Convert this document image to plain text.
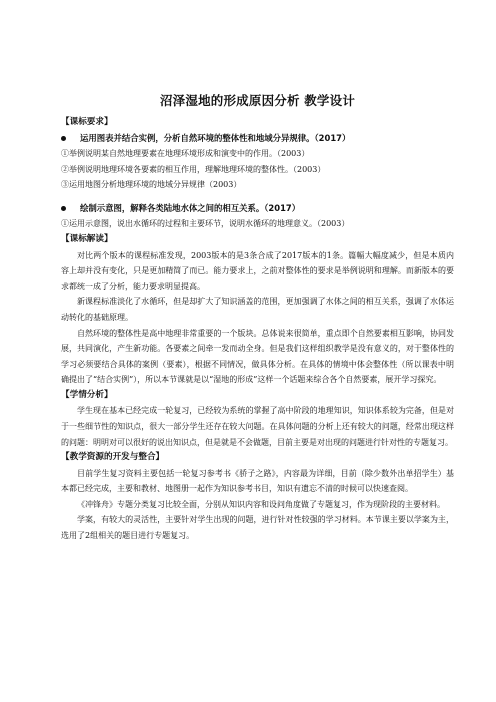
沼泽湿地的形成原因分析 教学设计
【课标要求】
运用图表并结合实例，分析自然环境的整体性和地域分异规律。（2017）
①举例说明某自然地理要素在地理环境形成和演变中的作用。（2003）
②举例说明地理环境各要素的相互作用，理解地理环境的整体性。（2003）
③运用地图分析地理环境的地域分异规律（2003）
绘制示意图，解释各类陆地水体之间的相互关系。（2017）
①运用示意图，说出水循环的过程和主要环节，说明水循环的地理意义。（2003）
【课标解读】

对比两个版本的课程标准发现，2003版本的是3条合成了2017版本的1条。篇幅大幅度减少，但是本质内容上却并没有变化，只是更加精简了而已。能力要求上，之前对整体性的要求是举例说明和理解。而新版本的要求都统一成了分析，能力要求明显提高。

新课程标准淡化了水循环，但是却扩大了知识涵盖的范围，更加强调了水体之间的相互关系，强调了水体运动转化的基础原理。

自然环境的整体性是高中地理非常重要的一个版块。总体说来很简单，重点即个自然要素相互影响，协同发展，共同演化，产生新功能。各要素之间牵一发而动全身。但是我们这样组织教学是没有意义的，对于整体性的学习必须要结合具体的案例（要素），根据不同情况，做具体分析。在具体的情境中体会整体性（所以课表中明确提出了“结合实例”），所以本节课就是以“湿地的形成”这样一个话题来综合各个自然要素，展开学习探究。

【学情分析】

学生现在基本已经完成一轮复习，已经较为系统的掌握了高中阶段的地理知识，知识体系较为完备，但是对于一些细节性的知识点，很大一部分学生还存在较大问题。在具体问题的分析上还有较大的问题，经常出现这样的问题：明明对可以很好的说出知识点，但是就是不会做题，目前主要是对出现的问题进行针对性的专题复习。

【教学资源的开发与整合】

目前学生复习资料主要包括一轮复习参考书《骄子之路》，内容最为详细，目前（除少数外出单招学生）基本都已经完成，主要和教材、地图册一起作为知识参考书目，知识有遗忘不清的时候可以快速查阅。

《冲锋舟》专题分类复习比较全面，分别从知识内容和设问角度做了专题复习，作为现阶段的主要材料。

学案，有较大的灵活性，主要针对学生出现的问题，进行针对性较强的学习材料。本节课主要以学案为主，选用了2组相关的题目进行专题复习。
